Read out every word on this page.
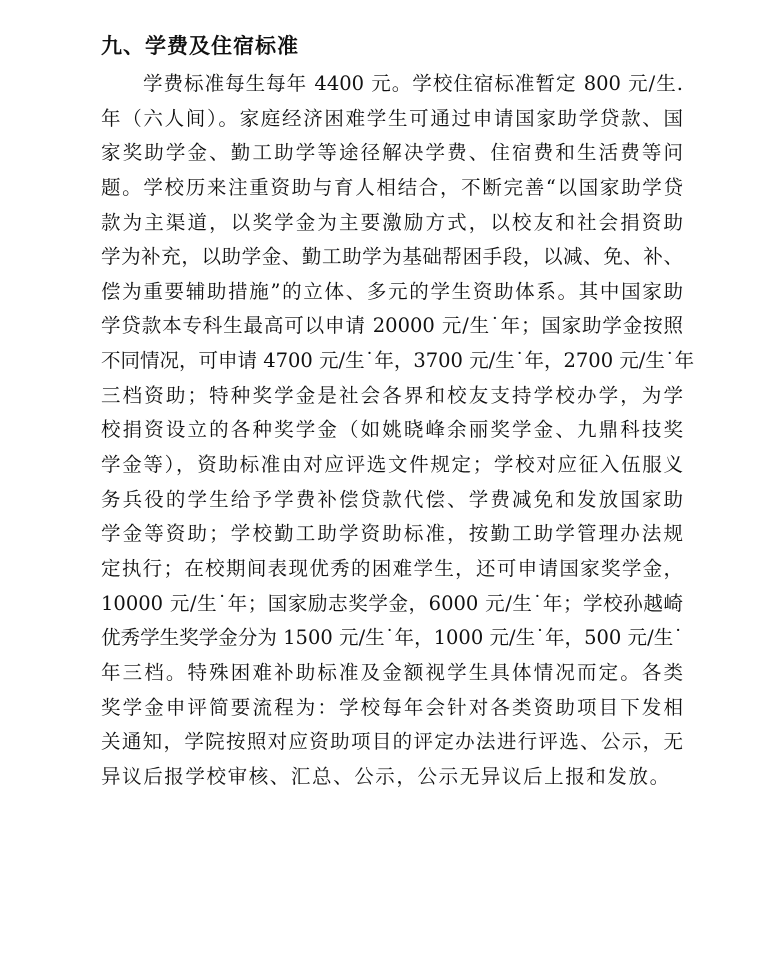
九、学费及住宿标准
学费标准每生每年 4400 元。学校住宿标准暂定 800 元/生.
年（六人间）。家庭经济困难学生可通过申请国家助学贷款、国
家奖助学金、勤工助学等途径解决学费、住宿费和生活费等问
题。学校历来注重资助与育人相结合，不断完善“以国家助学贷
款为主渠道，以奖学金为主要激励方式，以校友和社会捐资助
学为补充，以助学金、勤工助学为基础帮困手段，以减、免、补、
偿为重要辅助措施”的立体、多元的学生资助体系。其中国家助
学贷款本专科生最高可以申请 20000 元/生˙年；国家助学金按照
不同情况，可申请 4700 元/生˙年，3700 元/生˙年，2700 元/生˙年
三档资助；特种奖学金是社会各界和校友支持学校办学，为学
校捐资设立的各种奖学金（如姚晓峰余丽奖学金、九鼎科技奖
学金等），资助标准由对应评选文件规定；学校对应征入伍服义
务兵役的学生给予学费补偿贷款代偿、学费减免和发放国家助
学金等资助；学校勤工助学资助标准，按勤工助学管理办法规
定执行；在校期间表现优秀的困难学生，还可申请国家奖学金，
10000 元/生˙年；国家励志奖学金，6000 元/生˙年；学校孙越崎
优秀学生奖学金分为 1500 元/生˙年，1000 元/生˙年，500 元/生˙
年三档。特殊困难补助标准及金额视学生具体情况而定。各类
奖学金申评简要流程为：学校每年会针对各类资助项目下发相
关通知，学院按照对应资助项目的评定办法进行评选、公示，无
异议后报学校审核、汇总、公示，公示无异议后上报和发放。
